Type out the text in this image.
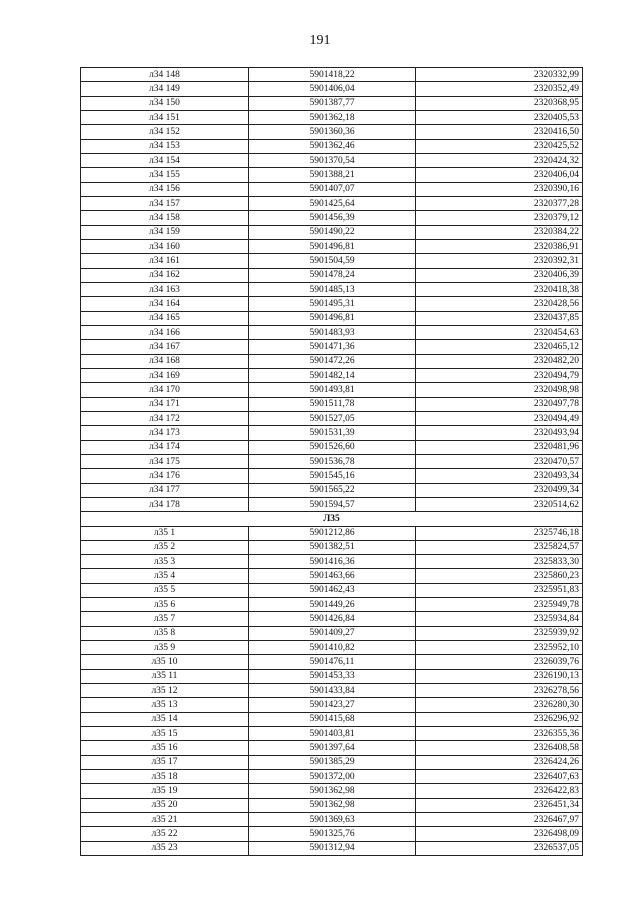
191
л34 148	5901418,22	2320332,99
л34 149	5901406,04	2320352,49
л34 150	5901387,77	2320368,95
л34 151	5901362,18	2320405,53
л34 152	5901360,36	2320416,50
л34 153	5901362,46	2320425,52
л34 154	5901370,54	2320424,32
л34 155	5901388,21	2320406,04
л34 156	5901407,07	2320390,16
л34 157	5901425,64	2320377,28
л34 158	5901456,39	2320379,12
л34 159	5901490,22	2320384,22
л34 160	5901496,81	2320386,91
л34 161	5901504,59	2320392,31
л34 162	5901478,24	2320406,39
л34 163	5901485,13	2320418,38
л34 164	5901495,31	2320428,56
л34 165	5901496,81	2320437,85
л34 166	5901483,93	2320454,63
л34 167	5901471,36	2320465,12
л34 168	5901472,26	2320482,20
л34 169	5901482,14	2320494,79
л34 170	5901493,81	2320498,98
л34 171	5901511,78	2320497,78
л34 172	5901527,05	2320494,49
л34 173	5901531,39	2320493,94
л34 174	5901526,60	2320481,96
л34 175	5901536,78	2320470,57
л34 176	5901545,16	2320493,34
л34 177	5901565,22	2320499,34
л34 178	5901594,57	2320514,62
Л35		
л35 1	5901212,86	2325746,18
л35 2	5901382,51	2325824,57
л35 3	5901416,36	2325833,30
л35 4	5901463,66	2325860,23
л35 5	5901462,43	2325951,83
л35 6	5901449,26	2325949,78
л35 7	5901426,84	2325934,84
л35 8	5901409,27	2325939,92
л35 9	5901410,82	2325952,10
л35 10	5901476,11	2326039,76
л35 11	5901453,33	2326190,13
л35 12	5901433,84	2326278,56
л35 13	5901423,27	2326280,30
л35 14	5901415,68	2326296,92
л35 15	5901403,81	2326355,36
л35 16	5901397,64	2326408,58
л35 17	5901385,29	2326424,26
л35 18	5901372,00	2326407,63
л35 19	5901362,98	2326422,83
л35 20	5901362,98	2326451,34
л35 21	5901369,63	2326467,97
л35 22	5901325,76	2326498,09
л35 23	5901312,94	2326537,05
